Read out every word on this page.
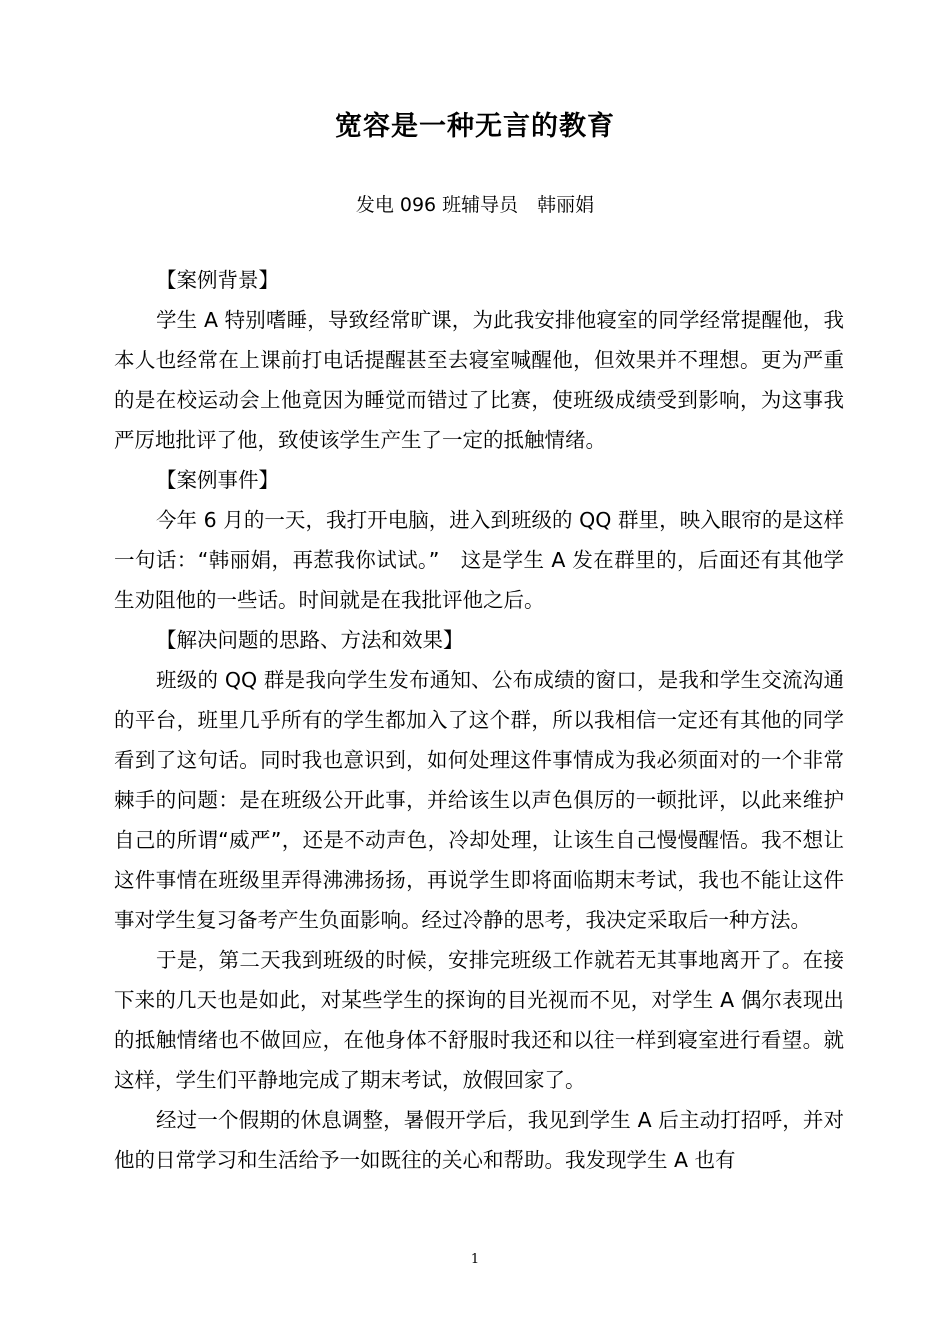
宽容是一种无言的教育
发电 096 班辅导员　韩丽娟

【案例背景】

学生 A 特别嗜睡，导致经常旷课，为此我安排他寝室的同学经常提醒他，我本人也经常在上课前打电话提醒甚至去寝室喊醒他，但效果并不理想。更为严重的是在校运动会上他竟因为睡觉而错过了比赛，使班级成绩受到影响，为这事我严厉地批评了他，致使该学生产生了一定的抵触情绪。

【案例事件】

今年 6 月的一天，我打开电脑，进入到班级的 QQ 群里，映入眼帘的是这样一句话：“韩丽娟，再惹我你试试。”　这是学生 A 发在群里的，后面还有其他学生劝阻他的一些话。时间就是在我批评他之后。

【解决问题的思路、方法和效果】

班级的 QQ 群是我向学生发布通知、公布成绩的窗口，是我和学生交流沟通的平台，班里几乎所有的学生都加入了这个群，所以我相信一定还有其他的同学看到了这句话。同时我也意识到，如何处理这件事情成为我必须面对的一个非常棘手的问题：是在班级公开此事，并给该生以声色俱厉的一顿批评，以此来维护自己的所谓“威严”，还是不动声色，冷却处理，让该生自己慢慢醒悟。我不想让这件事情在班级里弄得沸沸扬扬，再说学生即将面临期末考试，我也不能让这件事对学生复习备考产生负面影响。经过冷静的思考，我决定采取后一种方法。

于是，第二天我到班级的时候，安排完班级工作就若无其事地离开了。在接下来的几天也是如此，对某些学生的探询的目光视而不见，对学生 A 偶尔表现出的抵触情绪也不做回应，在他身体不舒服时我还和以往一样到寝室进行看望。就这样，学生们平静地完成了期末考试，放假回家了。

经过一个假期的休息调整，暑假开学后，我见到学生 A 后主动打招呼，并对他的日常学习和生活给予一如既往的关心和帮助。我发现学生 A 也有

1
